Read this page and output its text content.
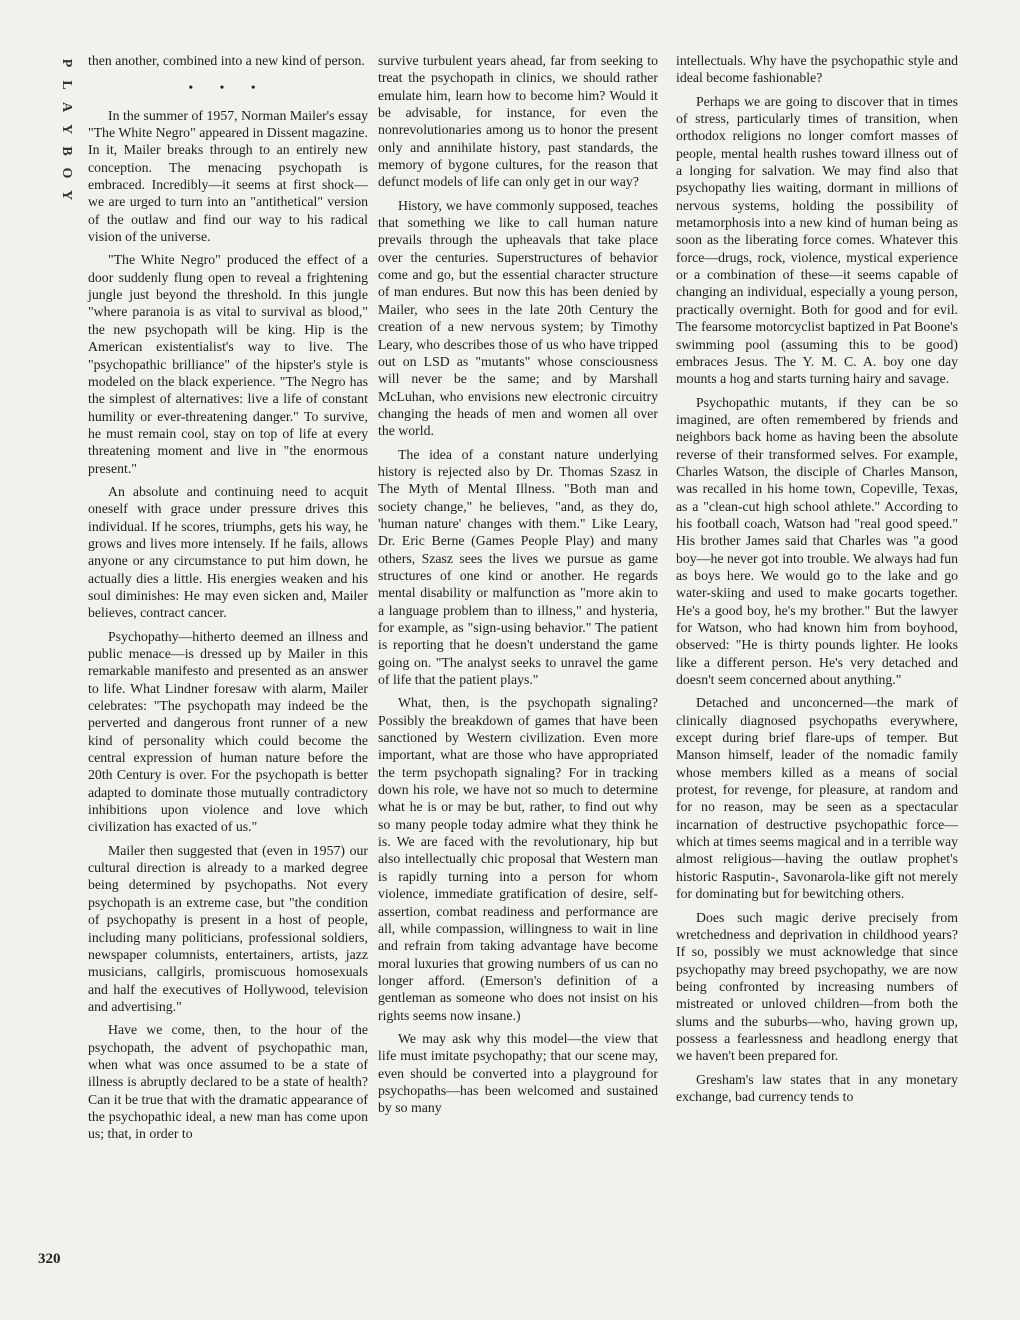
P
L
A
Y
B
O
Y
320

then another, combined into a new kind of person.

• • •

In the summer of 1957, Norman Mailer's essay "The White Negro" appeared in Dissent magazine. In it, Mailer breaks through to an entirely new conception. The menacing psychopath is embraced. Incredibly—it seems at first shock—we are urged to turn into an "antithetical" version of the outlaw and find our way to his radical vision of the universe.

"The White Negro" produced the effect of a door suddenly flung open to reveal a frightening jungle just beyond the threshold. In this jungle "where paranoia is as vital to survival as blood," the new psychopath will be king. Hip is the American existentialist's way to live. The "psychopathic brilliance" of the hipster's style is modeled on the black experience. "The Negro has the simplest of alternatives: live a life of constant humility or ever-threatening danger." To survive, he must remain cool, stay on top of life at every threatening moment and live in "the enormous present."

An absolute and continuing need to acquit oneself with grace under pressure drives this individual. If he scores, triumphs, gets his way, he grows and lives more intensely. If he fails, allows anyone or any circumstance to put him down, he actually dies a little. His energies weaken and his soul diminishes: He may even sicken and, Mailer believes, contract cancer.

Psychopathy—hitherto deemed an illness and public menace—is dressed up by Mailer in this remarkable manifesto and presented as an answer to life. What Lindner foresaw with alarm, Mailer celebrates: "The psychopath may indeed be the perverted and dangerous front runner of a new kind of personality which could become the central expression of human nature before the 20th Century is over. For the psychopath is better adapted to dominate those mutually contradictory inhibitions upon violence and love which civilization has exacted of us."

Mailer then suggested that (even in 1957) our cultural direction is already to a marked degree being determined by psychopaths. Not every psychopath is an extreme case, but "the condition of psychopathy is present in a host of people, including many politicians, professional soldiers, newspaper columnists, entertainers, artists, jazz musicians, callgirls, promiscuous homosexuals and half the executives of Hollywood, television and advertising."

Have we come, then, to the hour of the psychopath, the advent of psychopathic man, when what was once assumed to be a state of illness is abruptly declared to be a state of health? Can it be true that with the dramatic appearance of the psychopathic ideal, a new man has come upon us; that, in order to

survive turbulent years ahead, far from seeking to treat the psychopath in clinics, we should rather emulate him, learn how to become him? Would it be advisable, for instance, for even the nonrevolutionaries among us to honor the present only and annihilate history, past standards, the memory of bygone cultures, for the reason that defunct models of life can only get in our way?

History, we have commonly supposed, teaches that something we like to call human nature prevails through the upheavals that take place over the centuries. Superstructures of behavior come and go, but the essential character structure of man endures. But now this has been denied by Mailer, who sees in the late 20th Century the creation of a new nervous system; by Timothy Leary, who describes those of us who have tripped out on LSD as "mutants" whose consciousness will never be the same; and by Marshall McLuhan, who envisions new electronic circuitry changing the heads of men and women all over the world.

The idea of a constant nature underlying history is rejected also by Dr. Thomas Szasz in The Myth of Mental Illness. "Both man and society change," he believes, "and, as they do, 'human nature' changes with them." Like Leary, Dr. Eric Berne (Games People Play) and many others, Szasz sees the lives we pursue as game structures of one kind or another. He regards mental disability or malfunction as "more akin to a language problem than to illness," and hysteria, for example, as "sign-using behavior." The patient is reporting that he doesn't understand the game going on. "The analyst seeks to unravel the game of life that the patient plays."

What, then, is the psychopath signaling? Possibly the breakdown of games that have been sanctioned by Western civilization. Even more important, what are those who have appropriated the term psychopath signaling? For in tracking down his role, we have not so much to determine what he is or may be but, rather, to find out why so many people today admire what they think he is. We are faced with the revolutionary, hip but also intellectually chic proposal that Western man is rapidly turning into a person for whom violence, immediate gratification of desire, self-assertion, combat readiness and performance are all, while compassion, willingness to wait in line and refrain from taking advantage have become moral luxuries that growing numbers of us can no longer afford. (Emerson's definition of a gentleman as someone who does not insist on his rights seems now insane.)

We may ask why this model—the view that life must imitate psychopathy; that our scene may, even should be converted into a playground for psychopaths—has been welcomed and sustained by so many

intellectuals. Why have the psychopathic style and ideal become fashionable?

Perhaps we are going to discover that in times of stress, particularly times of transition, when orthodox religions no longer comfort masses of people, mental health rushes toward illness out of a longing for salvation. We may find also that psychopathy lies waiting, dormant in millions of nervous systems, holding the possibility of metamorphosis into a new kind of human being as soon as the liberating force comes. Whatever this force—drugs, rock, violence, mystical experience or a combination of these—it seems capable of changing an individual, especially a young person, practically overnight. Both for good and for evil. The fearsome motorcyclist baptized in Pat Boone's swimming pool (assuming this to be good) embraces Jesus. The Y. M. C. A. boy one day mounts a hog and starts turning hairy and savage.

Psychopathic mutants, if they can be so imagined, are often remembered by friends and neighbors back home as having been the absolute reverse of their transformed selves. For example, Charles Watson, the disciple of Charles Manson, was recalled in his home town, Copeville, Texas, as a "clean-cut high school athlete." According to his football coach, Watson had "real good speed." His brother James said that Charles was "a good boy—he never got into trouble. We always had fun as boys here. We would go to the lake and go water-skiing and used to make gocarts together. He's a good boy, he's my brother." But the lawyer for Watson, who had known him from boyhood, observed: "He is thirty pounds lighter. He looks like a different person. He's very detached and doesn't seem concerned about anything."

Detached and unconcerned—the mark of clinically diagnosed psychopaths everywhere, except during brief flare-ups of temper. But Manson himself, leader of the nomadic family whose members killed as a means of social protest, for revenge, for pleasure, at random and for no reason, may be seen as a spectacular incarnation of destructive psychopathic force—which at times seems magical and in a terrible way almost religious—having the outlaw prophet's historic Rasputin-, Savonarola-like gift not merely for dominating but for bewitching others.

Does such magic derive precisely from wretchedness and deprivation in childhood years? If so, possibly we must acknowledge that since psychopathy may breed psychopathy, we are now being confronted by increasing numbers of mistreated or unloved children—from both the slums and the suburbs—who, having grown up, possess a fearlessness and headlong energy that we haven't been prepared for.

Gresham's law states that in any monetary exchange, bad currency tends to
